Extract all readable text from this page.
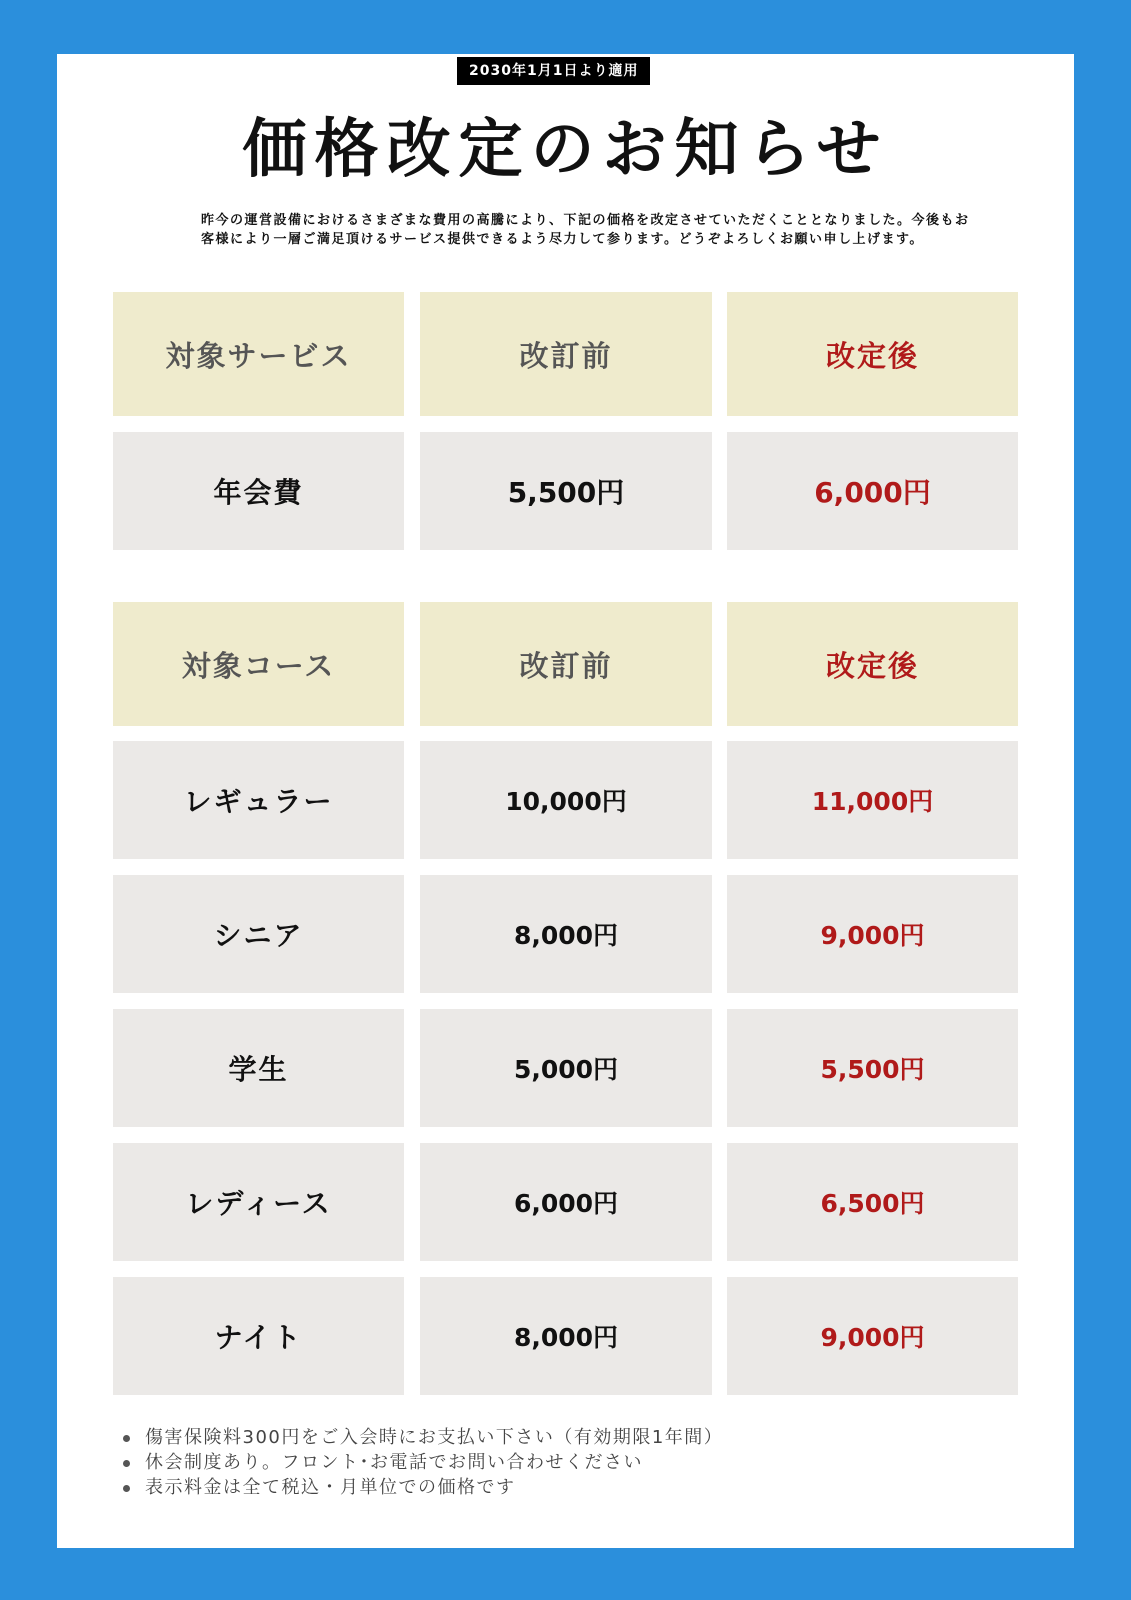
2030年1月1日より適用
価格改定のお知らせ
昨今の運営設備におけるさまざまな費用の高騰により、下記の価格を改定させていただくこととなりました。今後もお客様により一層ご満足頂けるサービス提供できるよう尽力して参ります。どうぞよろしくお願い申し上げます。
対象サービス	改訂前	改定後
年会費	5,500円	6,000円
対象コース	改訂前	改定後
レギュラー	10,000円	11,000円
シニア	8,000円	9,000円
学生	5,000円	5,500円
レディース	6,000円	6,500円
ナイト	8,000円	9,000円
傷害保険料300円をご入会時にお支払い下さい（有効期限1年間）
休会制度あり。フロント･お電話でお問い合わせください
表示料金は全て税込・月単位での価格です
